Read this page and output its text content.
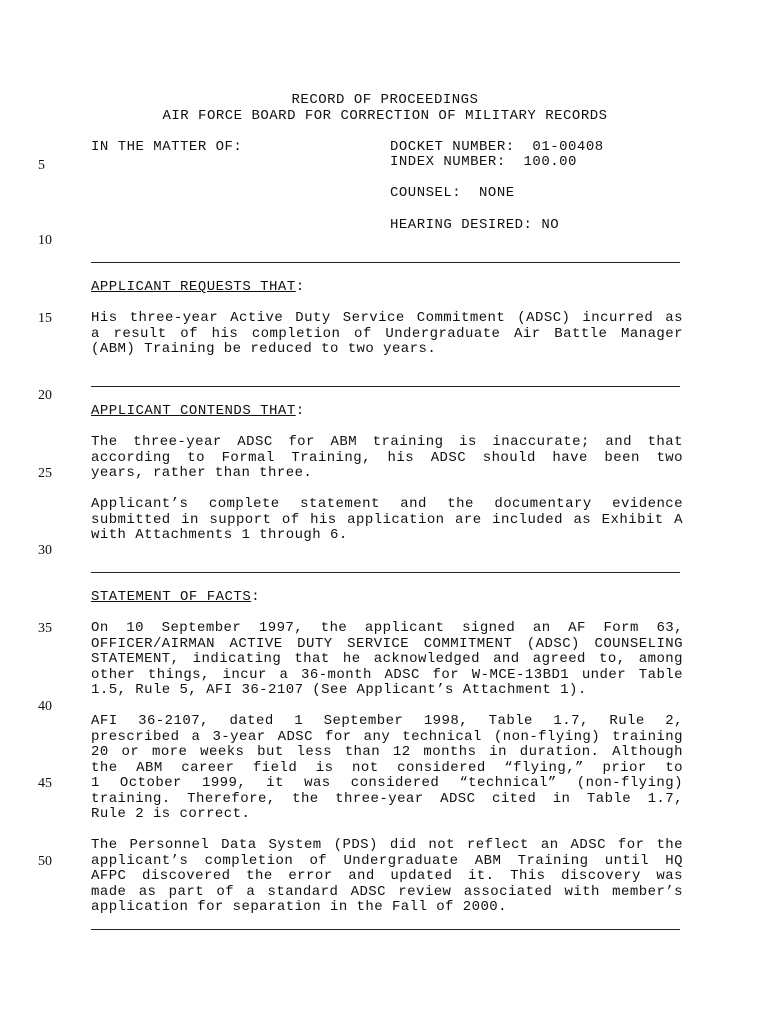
RECORD OF PROCEEDINGS
AIR FORCE BOARD FOR CORRECTION OF MILITARY RECORDS
IN THE MATTER OF:	DOCKET NUMBER:  01-00408
INDEX NUMBER:  100.00
COUNSEL:  NONE
HEARING DESIRED: NO
5
10
15
20
25
30
35
40
45
50
APPLICANT REQUESTS THAT:
His three-year Active Duty Service Commitment (ADSC) incurred as
a result of his completion of Undergraduate Air Battle Manager
(ABM) Training be reduced to two years.
APPLICANT CONTENDS THAT:
The three-year ADSC for ABM training is inaccurate; and that
according to Formal Training, his ADSC should have been two
years, rather than three.
Applicant’s complete statement and the documentary evidence
submitted in support of his application are included as Exhibit A
with Attachments 1 through 6.
STATEMENT OF FACTS:
On 10 September 1997, the applicant signed an AF Form 63,
OFFICER/AIRMAN ACTIVE DUTY SERVICE COMMITMENT (ADSC) COUNSELING
STATEMENT, indicating that he acknowledged and agreed to, among
other things, incur a 36-month ADSC for W-MCE-13BD1 under Table
1.5, Rule 5, AFI 36-2107 (See Applicant’s Attachment 1).
AFI 36-2107, dated 1 September 1998, Table 1.7, Rule 2,
prescribed a 3-year ADSC for any technical (non-flying) training
20 or more weeks but less than 12 months in duration. Although
the ABM career field is not considered “flying,” prior to
1 October 1999, it was considered “technical” (non-flying)
training. Therefore, the three-year ADSC cited in Table 1.7,
Rule 2 is correct.
The Personnel Data System (PDS) did not reflect an ADSC for the
applicant’s completion of Undergraduate ABM Training until HQ
AFPC discovered the error and updated it. This discovery was
made as part of a standard ADSC review associated with member’s
application for separation in the Fall of 2000.
